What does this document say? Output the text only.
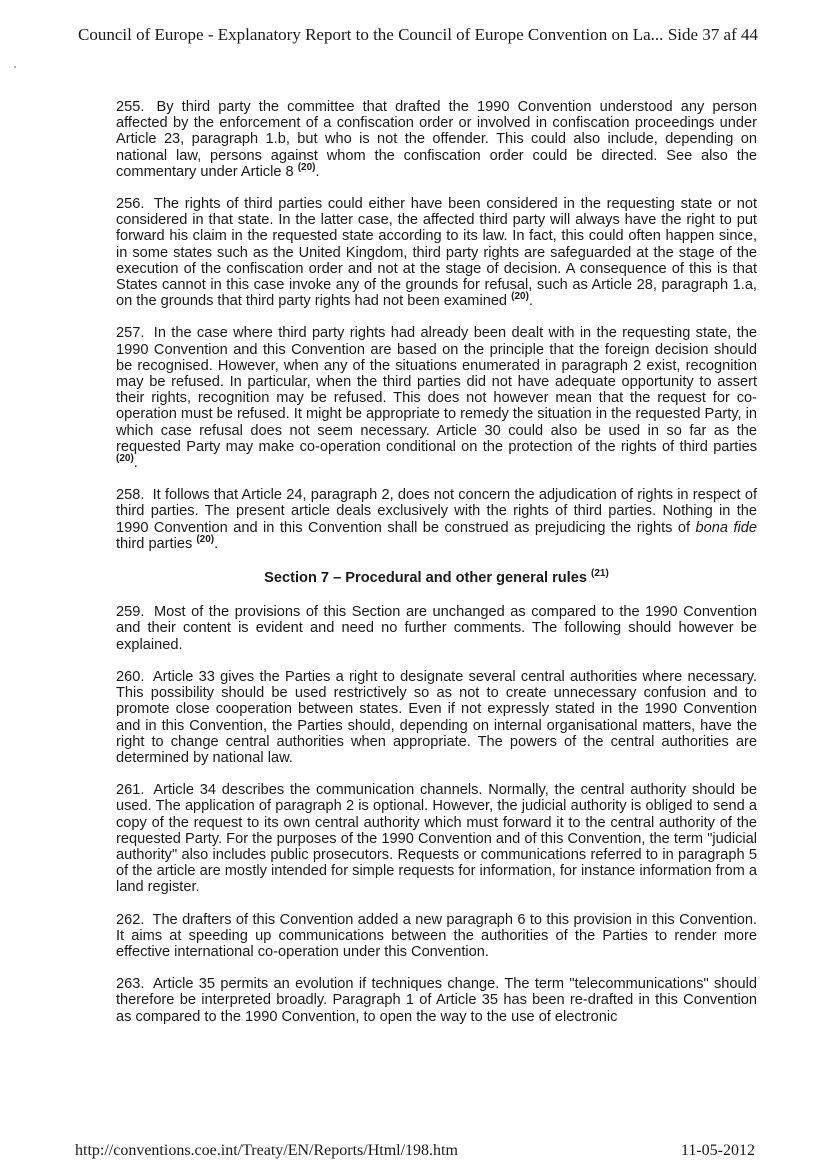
Council of Europe - Explanatory Report to the Council of Europe Convention on La... Side 37 af 44

255. By third party the committee that drafted the 1990 Convention understood any person affected by the enforcement of a confiscation order or involved in confiscation proceedings under Article 23, paragraph 1.b, but who is not the offender. This could also include, depending on national law, persons against whom the confiscation order could be directed. See also the commentary under Article 8 $^{(20)}$.

256. The rights of third parties could either have been considered in the requesting state or not considered in that state. In the latter case, the affected third party will always have the right to put forward his claim in the requested state according to its law. In fact, this could often happen since, in some states such as the United Kingdom, third party rights are safeguarded at the stage of the execution of the confiscation order and not at the stage of decision. A consequence of this is that States cannot in this case invoke any of the grounds for refusal, such as Article 28, paragraph 1.a, on the grounds that third party rights had not been examined $^{(20)}$.

257. In the case where third party rights had already been dealt with in the requesting state, the 1990 Convention and this Convention are based on the principle that the foreign decision should be recognised. However, when any of the situations enumerated in paragraph 2 exist, recognition may be refused. In particular, when the third parties did not have adequate opportunity to assert their rights, recognition may be refused. This does not however mean that the request for co-operation must be refused. It might be appropriate to remedy the situation in the requested Party, in which case refusal does not seem necessary. Article 30 could also be used in so far as the requested Party may make co-operation conditional on the protection of the rights of third parties $^{(20)}$.

258. It follows that Article 24, paragraph 2, does not concern the adjudication of rights in respect of third parties. The present article deals exclusively with the rights of third parties. Nothing in the 1990 Convention and in this Convention shall be construed as prejudicing the rights of bona fide third parties $^{(20)}$.

Section 7 – Procedural and other general rules $^{(21)}$

259. Most of the provisions of this Section are unchanged as compared to the 1990 Convention and their content is evident and need no further comments. The following should however be explained.

260. Article 33 gives the Parties a right to designate several central authorities where necessary. This possibility should be used restrictively so as not to create unnecessary confusion and to promote close cooperation between states. Even if not expressly stated in the 1990 Convention and in this Convention, the Parties should, depending on internal organisational matters, have the right to change central authorities when appropriate. The powers of the central authorities are determined by national law.

261. Article 34 describes the communication channels. Normally, the central authority should be used. The application of paragraph 2 is optional. However, the judicial authority is obliged to send a copy of the request to its own central authority which must forward it to the central authority of the requested Party. For the purposes of the 1990 Convention and of this Convention, the term "judicial authority" also includes public prosecutors. Requests or communications referred to in paragraph 5 of the article are mostly intended for simple requests for information, for instance information from a land register.

262. The drafters of this Convention added a new paragraph 6 to this provision in this Convention. It aims at speeding up communications between the authorities of the Parties to render more effective international co-operation under this Convention.

263. Article 35 permits an evolution if techniques change. The term "telecommunications" should therefore be interpreted broadly. Paragraph 1 of Article 35 has been re-drafted in this Convention as compared to the 1990 Convention, to open the way to the use of electronic

http://conventions.coe.int/Treaty/EN/Reports/Html/198.htm	11-05-2012
